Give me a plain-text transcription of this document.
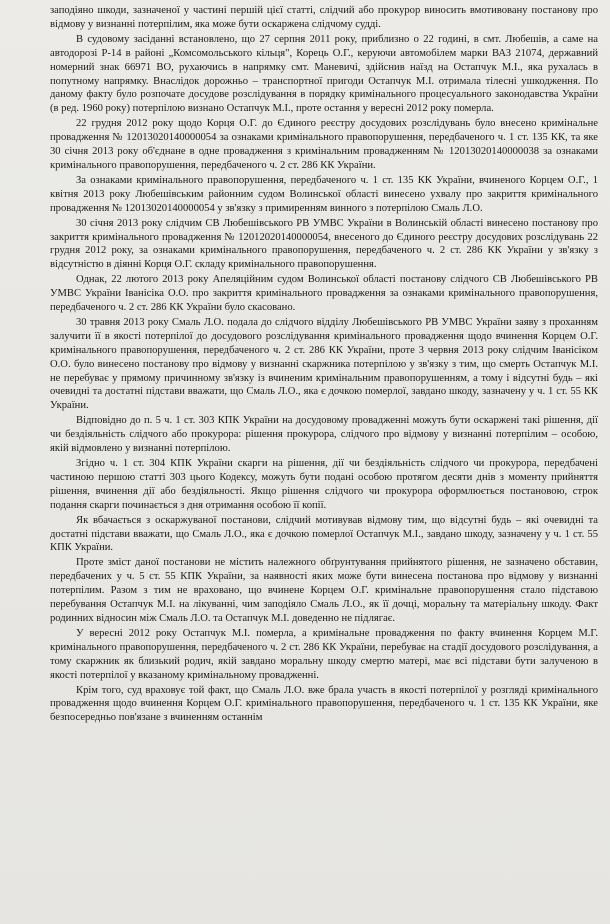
заподіяно шкоди, зазначеної у частині першій цієї статті, слідчий або прокурор виносить вмотивовану постанову про відмову у визнанні потерпілим, яка може бути оскаржена слідчому судді.

В судовому засіданні встановлено, що 27 серпня 2011 року, приблизно о 22 годині, в смт. Любешів, а саме на автодорозі Р-14 в районі „Комсомольського кільця", Корець О.Г., керуючи автомобілем марки ВАЗ 21074, державний номерний знак 66971 ВО, рухаючись в напрямку смт. Маневичі, здійснив наїзд на Остапчук М.І., яка рухалась в попутному напрямку. Внаслідок дорожньо – транспортної пригоди Остапчук М.І. отримала тілесні ушкодження. По даному факту було розпочате досудове розслідування в порядку кримінального процесуального законодавства України (в ред. 1960 року) потерпілою визнано Остапчук М.І., проте остання у вересні 2012 року померла.

22 грудня 2012 року щодо Корця О.Г. до Єдиного реєстру досудових розслідувань було внесено кримінальне провадження № 12013020140000054 за ознаками кримінального правопорушення, передбаченого ч. 1 ст. 135 КК, та яке 30 січня 2013 року об'єднане в одне провадження з кримінальним провадженням № 12013020140000038 за ознаками кримінального правопорушення, передбаченого ч. 2 ст. 286 КК України.

За ознаками кримінального правопорушення, передбаченого ч. 1 ст. 135 КК України, вчиненого Корцем О.Г., 1 квітня 2013 року Любешівським районним судом Волинської області винесено ухвалу про закриття кримінального провадження № 12013020140000054 у зв'язку з примиренням винного з потерпілою Смаль Л.О.

30 січня 2013 року слідчим СВ Любешівського РВ УМВС України в Волинській області винесено постанову про закриття кримінального провадження № 12012020140000054, внесеного до Єдиного реєстру досудових розслідувань 22 грудня 2012 року, за ознаками кримінального правопорушення, передбаченого ч. 2 ст. 286 КК України у зв'язку з відсутністю в діянні Корця О.Г. складу кримінального правопорушення.

Однак, 22 лютого 2013 року Апеляційним судом Волинської області постанову слідчого СВ Любешівського РВ УМВС України Іванісіка О.О. про закриття кримінального провадження за ознаками кримінального правопорушення, передбаченого ч. 2 ст. 286 КК України було скасовано.

30 травня 2013 року Смаль Л.О. подала до слідчого відділу Любешівського РВ УМВС України заяву з проханням залучити її в якості потерпілої до досудового розслідування кримінального провадження щодо вчинення Корцем О.Г. кримінального правопорушення, передбаченого ч. 2 ст. 286 КК України, проте 3 червня 2013 року слідчим Іванісіком О.О. було винесено постанову про відмову у визнанні скаржника потерпілою у зв'язку з тим, що смерть Остапчук М.І. не перебуває у прямому причинному зв'язку із вчиненим кримінальним правопорушенням, а тому і відсутні будь – які очевидні та достатні підстави вважати, що Смаль Л.О., яка є дочкою померлої, завдано шкоду, зазначену у ч. 1 ст. 55 КК України.

Відповідно до п. 5 ч. 1 ст. 303 КПК України на досудовому провадженні можуть бути оскаржені такі рішення, дії чи бездіяльність слідчого або прокурора: рішення прокурора, слідчого про відмову у визнанні потерпілим – особою, якій відмовлено у визнанні потерпілою.

Згідно ч. 1 ст. 304 КПК України скарги на рішення, дії чи бездіяльність слідчого чи прокурора, передбачені частиною першою статті 303 цього Кодексу, можуть бути подані особою протягом десяти днів з моменту прийняття рішення, вчинення дії або бездіяльності. Якщо рішення слідчого чи прокурора оформлюється постановою, строк подання скарги починається з дня отримання особою її копії.

Як вбачається з оскаржуваної постанови, слідчий мотивував відмову тим, що відсутні будь – які очевидні та достатні підстави вважати, що Смаль Л.О., яка є дочкою померлої Остапчук М.І., завдано шкоду, зазначену у ч. 1 ст. 55 КПК України.

Проте зміст даної постанови не містить належного обґрунтування прийнятого рішення, не зазначено обставин, передбачених у ч. 5 ст. 55 КПК України, за наявності яких може бути винесена постанова про відмову у визнанні потерпілим. Разом з тим не враховано, що вчинене Корцем О.Г. кримінальне правопорушення стало підставою перебування Остапчук М.І. на лікуванні, чим заподіяло Смаль Л.О., як її дочці, моральну та матеріальну шкоду. Факт родинних відносин між Смаль Л.О. та Остапчук М.І. доведенно не підлягає.

У вересні 2012 року Остапчук М.І. померла, а кримінальне провадження по факту вчинення Корцем М.Г. кримінального правопорушення, передбаченого ч. 2 ст. 286 КК України, перебуває на стадії досудового розслідування, а тому скаржник як близький родич, якій завдано моральну шкоду смертю матері, має всі підстави бути залученою в якості потерпілої у вказаному кримінальному провадженні.

Крім того, суд враховує той факт, що Смаль Л.О. вже брала участь в якості потерпілої у розгляді кримінального провадження щодо вчинення Корцем О.Г. кримінального правопорушення, передбаченого ч. 1 ст. 135 КК України, яке безпосередньо пов'язане з вчиненням останнім
